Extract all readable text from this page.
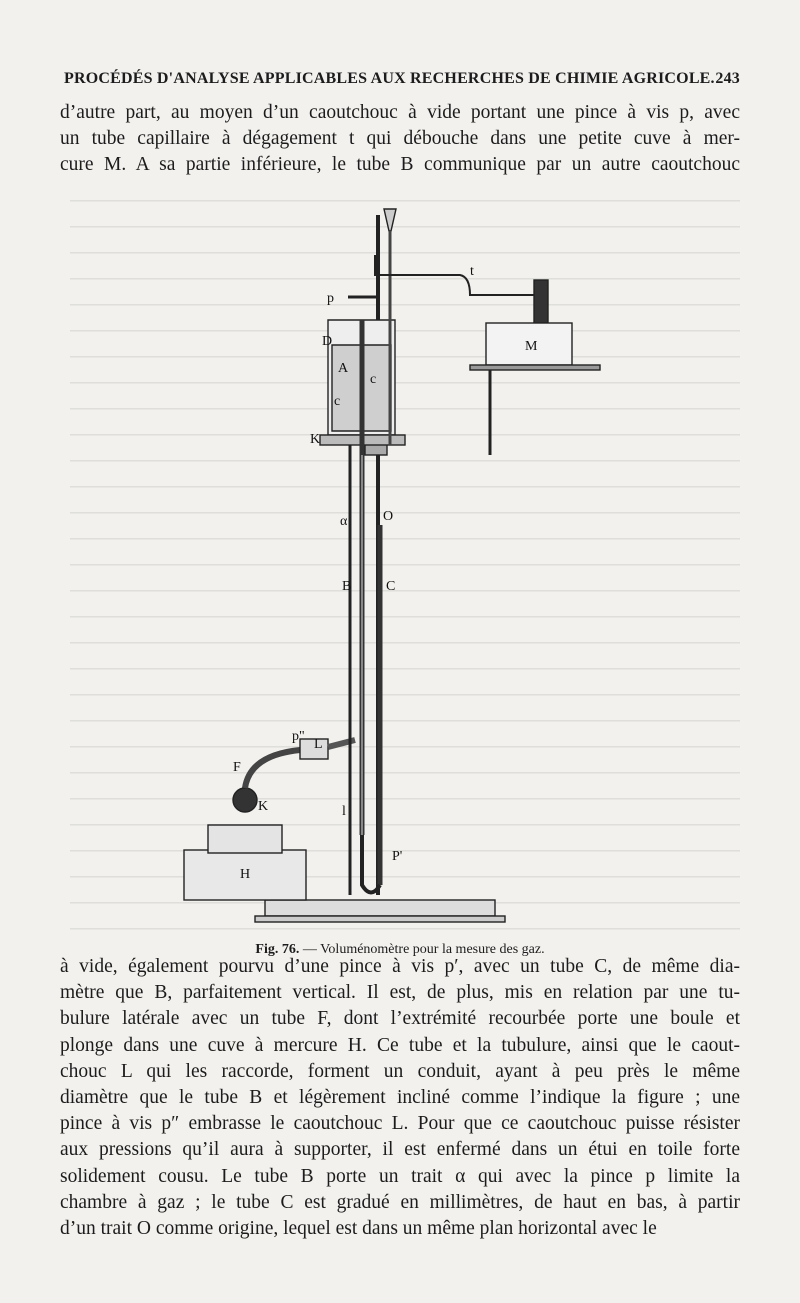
PROCÉDÉS D'ANALYSE APPLICABLES AUX RECHERCHES DE CHIMIE AGRICOLE. 243

d’autre part, au moyen d’un caoutchouc à vide portant une pince à vis p, avec
un tube capillaire à dégagement t qui débouche dans une petite cuve à mer-
cure M. A sa partie inférieure, le tube B communique par un autre caoutchouc

t
p
M
D
A
c
c
K
α	O
B C
p"
L
F
K	l
H
P'
Fig. 76. — Voluménomètre pour la mesure des gaz.

à vide, également pourvu d’une pince à vis p′, avec un tube C, de même dia-
mètre que B, parfaitement vertical. Il est, de plus, mis en relation par une tu-
bulure latérale avec un tube F, dont l’extrémité recourbée porte une boule et
plonge dans une cuve à mercure H. Ce tube et la tubulure, ainsi que le caout-
chouc L qui les raccorde, forment un conduit, ayant à peu près le même
diamètre que le tube B et légèrement incliné comme l’indique la figure ; une
pince à vis p″ embrasse le caoutchouc L. Pour que ce caoutchouc puisse résister
aux pressions qu’il aura à supporter, il est enfermé dans un étui en toile forte
solidement cousu. Le tube B porte un trait α qui avec la pince p limite la
chambre à gaz ; le tube C est gradué en millimètres, de haut en bas, à partir
d’un trait O comme origine, lequel est dans un même plan horizontal avec le
